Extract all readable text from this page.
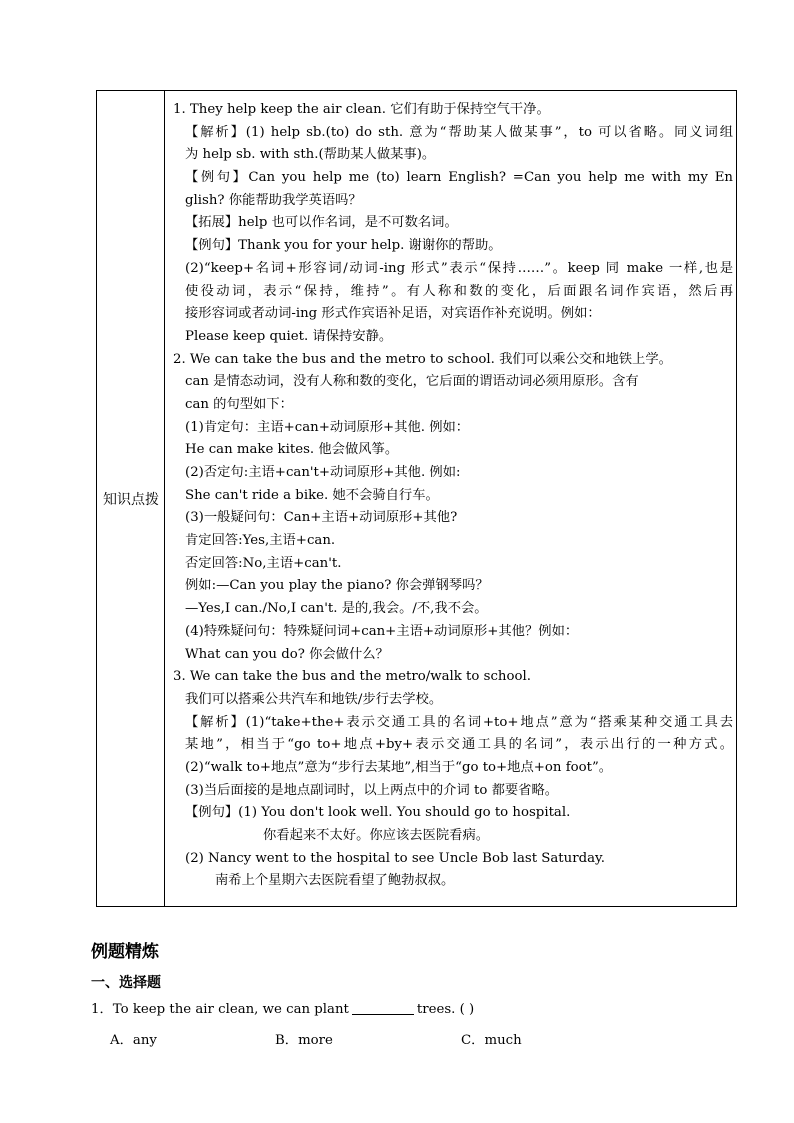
知识点拨
1. They help keep the air clean. 它们有助于保持空气干净。
【解析】(1) help sb.(to) do sth. 意为“帮助某人做某事”，to 可以省略。同义词组
为 help sb. with sth.(帮助某人做某事)。
【例句】Can you help me (to) learn English? =Can you help me with my En
glish? 你能帮助我学英语吗？
【拓展】help 也可以作名词，是不可数名词。
【例句】Thank you for your help. 谢谢你的帮助。
(2)“keep+名词+形容词/动词-ing 形式”表示“保持……”。keep 同 make 一样,也是
使役动词，表示“保持，维持”。有人称和数的变化，后面跟名词作宾语，然后再
接形容词或者动词-ing 形式作宾语补足语，对宾语作补充说明。例如：
Please keep quiet. 请保持安静。
2. We can take the bus and the metro to school. 我们可以乘公交和地铁上学。
can 是情态动词，没有人称和数的变化，它后面的谓语动词必须用原形。含有
can 的句型如下：
(1)肯定句：主语+can+动词原形+其他. 例如：
He can make kites. 他会做风筝。
(2)否定句:主语+can't+动词原形+其他. 例如:
She can't ride a bike. 她不会骑自行车。
(3)一般疑问句：Can+主语+动词原形+其他?
肯定回答:Yes,主语+can.
否定回答:No,主语+can't.
例如:—Can you play the piano? 你会弹钢琴吗？
—Yes,I can./No,I can't. 是的,我会。/不,我不会。
(4)特殊疑问句：特殊疑问词+can+主语+动词原形+其他？例如：
What can you do? 你会做什么？
3. We can take the bus and the metro/walk to school.
我们可以搭乘公共汽车和地铁/步行去学校。
【解析】(1)“take+the+表示交通工具的名词+to+地点”意为“搭乘某种交通工具去
某地”，相当于“go to+地点+by+表示交通工具的名词”，表示出行的一种方式。
(2)“walk to+地点”意为“步行去某地”,相当于“go to+地点+on foot”。
(3)当后面接的是地点副词时，以上两点中的介词 to 都要省略。
【例句】(1) You don't look well. You should go to hospital.
你看起来不太好。你应该去医院看病。
(2) Nancy went to the hospital to see Uncle Bob last Saturday.
南希上个星期六去医院看望了鲍勃叔叔。
例题精炼
一、选择题
1．To keep the air clean, we can plant	trees. ( )
A．any	B．more	C．much
